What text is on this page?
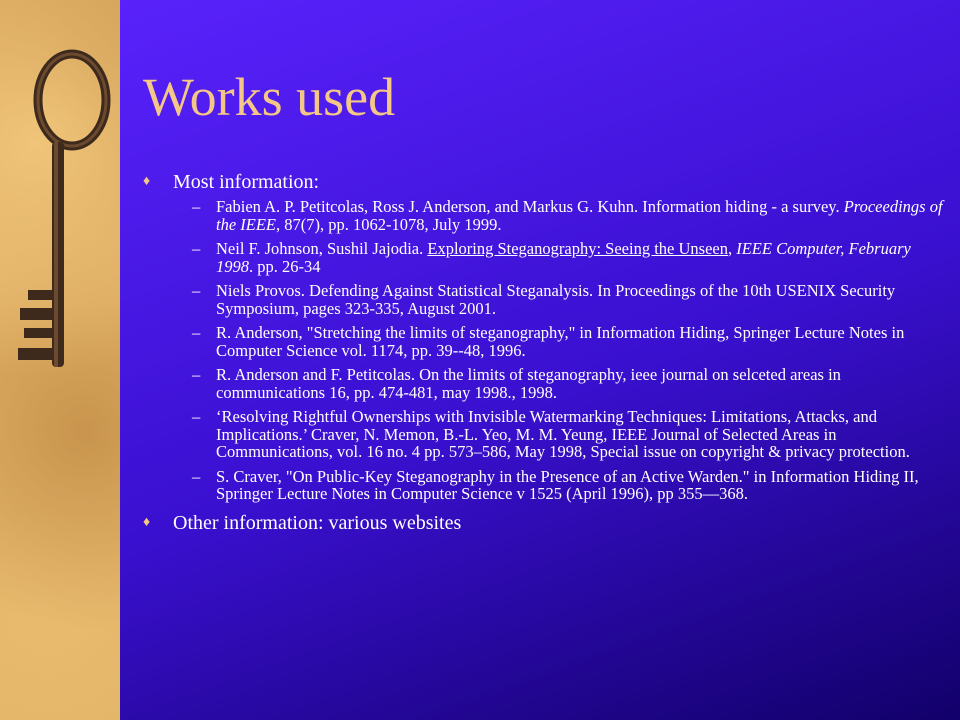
Works used
♦ Most information:
– Fabien A. P. Petitcolas, Ross J. Anderson, and Markus G. Kuhn. Information hiding - a survey. Proceedings of the IEEE, 87(7), pp. 1062-1078, July 1999.
– Neil F. Johnson, Sushil Jajodia. Exploring Steganography: Seeing the Unseen, IEEE Computer, February 1998. pp. 26-34
– Niels Provos. Defending Against Statistical Steganalysis. In Proceedings of the 10th USENIX Security Symposium, pages 323-335, August 2001.
– R. Anderson, "Stretching the limits of steganography," in Information Hiding, Springer Lecture Notes in Computer Science vol. 1174, pp. 39--48, 1996.
– R. Anderson and F. Petitcolas. On the limits of steganography, ieee journal on selceted areas in communications 16, pp. 474-481, may 1998., 1998.
– ‘Resolving Rightful Ownerships with Invisible Watermarking Techniques: Limitations, Attacks, and Implications.’ Craver, N. Memon, B.-L. Yeo, M. M. Yeung, IEEE Journal of Selected Areas in Communications, vol. 16 no. 4 pp. 573–586, May 1998, Special issue on copyright & privacy protection.
– S. Craver, "On Public-Key Steganography in the Presence of an Active Warden." in Information Hiding II, Springer Lecture Notes in Computer Science v 1525 (April 1996), pp 355—368.
♦ Other information: various websites
